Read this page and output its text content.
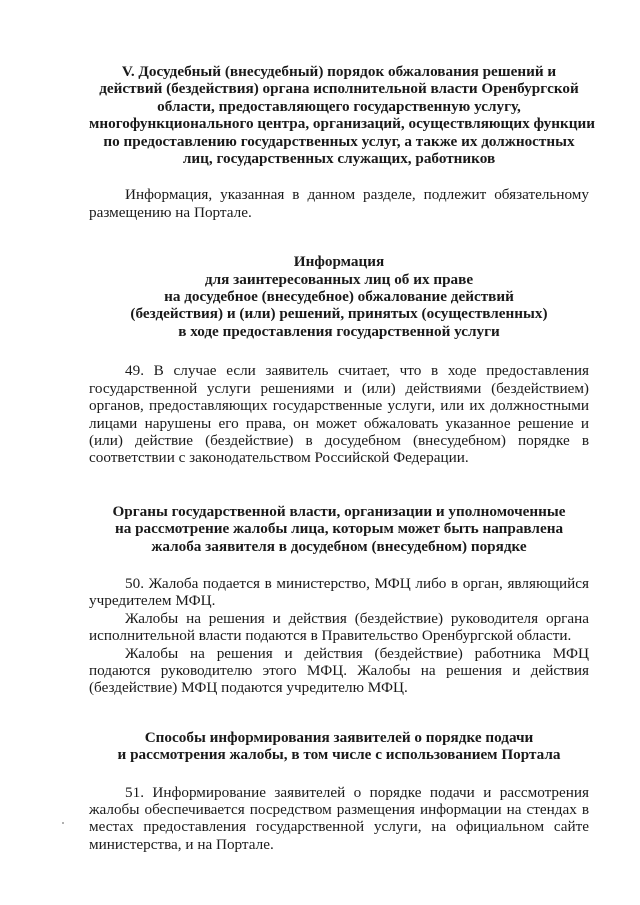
V. Досудебный (внесудебный) порядок обжалования решений и
действий (бездействия) органа исполнительной власти Оренбургской
области, предоставляющего государственную услугу,
многофункционального центра, организаций, осуществляющих функции
по предоставлению государственных услуг, а также их должностных
лиц, государственных служащих, работников

Информация, указанная в данном разделе, подлежит обязательному размещению на Портале.

Информация
для заинтересованных лиц об их праве
на досудебное (внесудебное) обжалование действий
(бездействия) и (или) решений, принятых (осуществленных)
в ходе предоставления государственной услуги

49. В случае если заявитель считает, что в ходе предоставления государственной услуги решениями и (или) действиями (бездействием) органов, предоставляющих государственные услуги, или их должностными лицами нарушены его права, он может обжаловать указанное решение и (или) действие (бездействие) в досудебном (внесудебном) порядке в соответствии с законодательством Российской Федерации.

Органы государственной власти, организации и уполномоченные
на рассмотрение жалобы лица, которым может быть направлена
жалоба заявителя в досудебном (внесудебном) порядке

50. Жалоба подается в министерство, МФЦ либо в орган, являющийся учредителем МФЦ.

Жалобы на решения и действия (бездействие) руководителя органа исполнительной власти подаются в Правительство Оренбургской области.

Жалобы на решения и действия (бездействие) работника МФЦ подаются руководителю этого МФЦ. Жалобы на решения и действия (бездействие) МФЦ подаются учредителю МФЦ.

Способы информирования заявителей о порядке подачи
и рассмотрения жалобы, в том числе с использованием Портала

51. Информирование заявителей о порядке подачи и рассмотрения жалобы обеспечивается посредством размещения информации на стендах в местах предоставления государственной услуги, на официальном сайте министерства, и на Портале.
